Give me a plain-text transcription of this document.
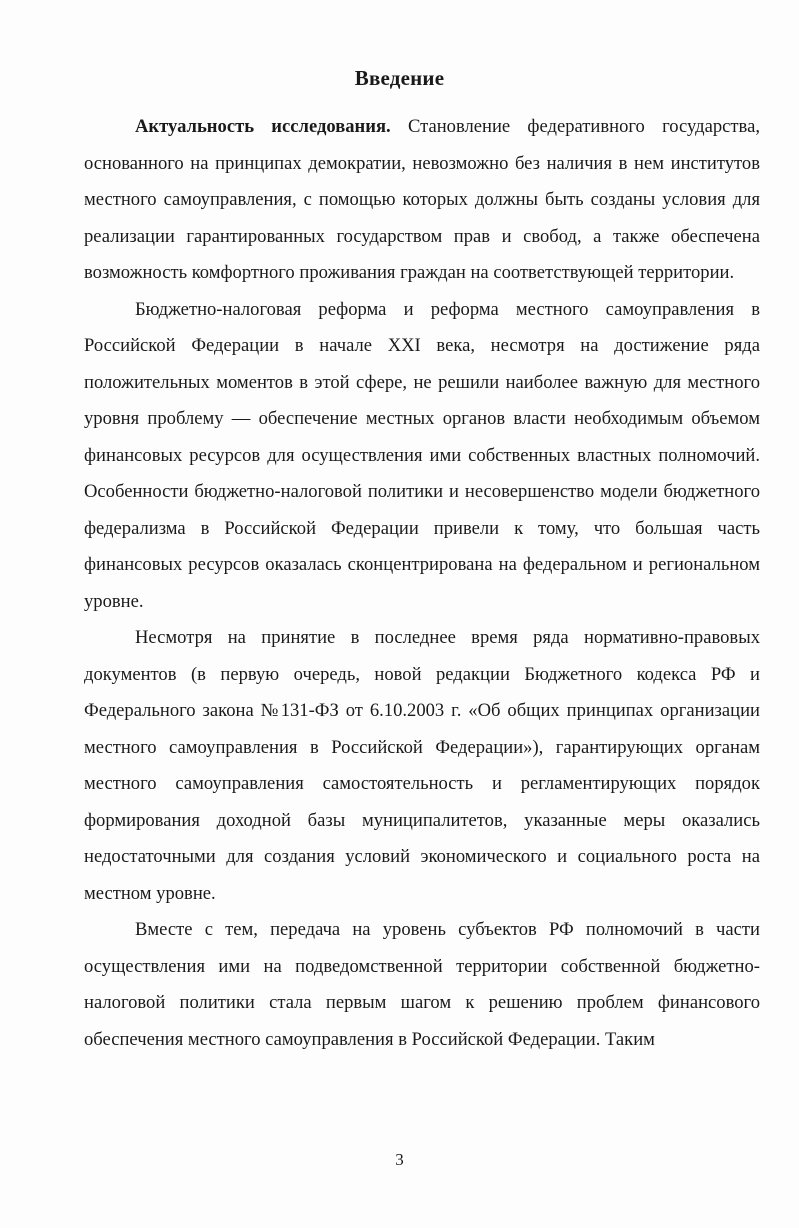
Введение

Актуальность исследования. Становление федеративного государства, основанного на принципах демократии, невозможно без наличия в нем институтов местного самоуправления, с помощью которых должны быть созданы условия для реализации гарантированных государством прав и свобод, а также обеспечена возможность комфортного проживания граждан на соответствующей территории.

Бюджетно-налоговая реформа и реформа местного самоуправления в Российской Федерации в начале XXI века, несмотря на достижение ряда положительных моментов в этой сфере, не решили наиболее важную для местного уровня проблему — обеспечение местных органов власти необходимым объемом финансовых ресурсов для осуществления ими собственных властных полномочий. Особенности бюджетно-налоговой политики и несовершенство модели бюджетного федерализма в Российской Федерации привели к тому, что большая часть финансовых ресурсов оказалась сконцентрирована на федеральном и региональном уровне.

Несмотря на принятие в последнее время ряда нормативно-правовых документов (в первую очередь, новой редакции Бюджетного кодекса РФ и Федерального закона №131-ФЗ от 6.10.2003 г. «Об общих принципах организации местного самоуправления в Российской Федерации»), гарантирующих органам местного самоуправления самостоятельность и регламентирующих порядок формирования доходной базы муниципалитетов, указанные меры оказались недостаточными для создания условий экономического и социального роста на местном уровне.

Вместе с тем, передача на уровень субъектов РФ полномочий в части осуществления ими на подведомственной территории собственной бюджетно-налоговой политики стала первым шагом к решению проблем финансового обеспечения местного самоуправления в Российской Федерации. Таким

3
